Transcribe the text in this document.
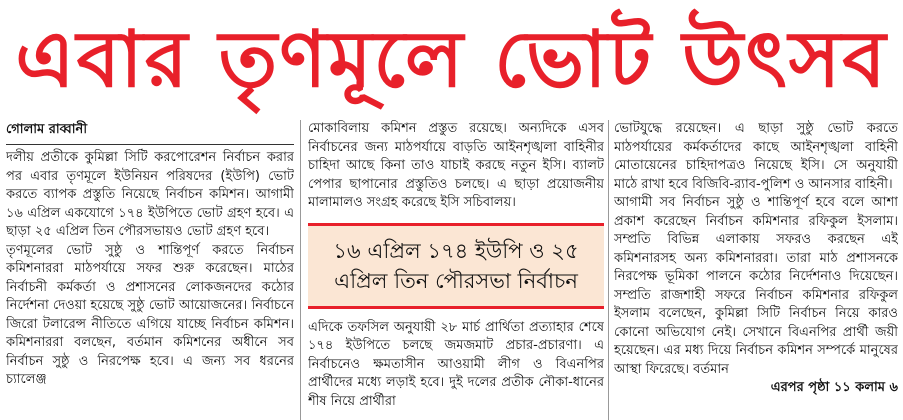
এবার তৃণমূলে ভোট উৎসব
গোলাম রাব্বানী

দলীয় প্রতীকে কুমিল্লা সিটি করপোরেশন নির্বাচন করার পর এবার তৃণমূলে ইউনিয়ন পরিষদের (ইউপি) ভোট করতে ব্যাপক প্রস্তুতি নিয়েছে নির্বাচন কমিশন। আগামী ১৬ এপ্রিল একযোগে ১৭৪ ইউপিতে ভোট গ্রহণ হবে। এ ছাড়া ২৫ এপ্রিল তিন পৌরসভায়ও ভোট গ্রহণ হবে।

তৃণমূলের ভোট সুষ্ঠু ও শান্তিপূর্ণ করতে নির্বাচন কমিশনাররা মাঠপর্যায়ে সফর শুরু করেছেন। মাঠের নির্বাচনী কর্মকর্তা ও প্রশাসনের লোকজনদের কঠোর নির্দেশনা দেওয়া হয়েছে সুষ্ঠু ভোট আয়োজনের। নির্বাচনে জিরো টলারেন্স নীতিতে এগিয়ে যাচ্ছে নির্বাচন কমিশন। কমিশনাররা বলছেন, বর্তমান কমিশনের অধীনে সব নির্বাচন সুষ্ঠু ও নিরপেক্ষ হবে। এ জন্য সব ধরনের চ্যালেঞ্জ

মোকাবিলায় কমিশন প্রস্তুত রয়েছে। অন্যদিকে এসব নির্বাচনের জন্য মাঠপর্যায়ে বাড়তি আইনশৃঙ্খলা বাহিনীর চাহিদা আছে কিনা তাও যাচাই করছে নতুন ইসি। ব্যালট পেপার ছাপানোর প্রস্তুতিও চলছে। এ ছাড়া প্রয়োজনীয় মালামালও সংগ্রহ করেছে ইসি সচিবালয়।

১৬ এপ্রিল ১৭৪ ইউপি ও ২৫ এপ্রিল তিন পৌরসভা নির্বাচন

এদিকে তফসিল অনুযায়ী ২৮ মার্চ প্রার্থিতা প্রত্যাহার শেষে ১৭৪ ইউপিতে চলছে জমজমাট প্রচার-প্রচারণা। এ নির্বাচনেও ক্ষমতাসীন আওয়ামী লীগ ও বিএনপির প্রার্থীদের মধ্যে লড়াই হবে। দুই দলের প্রতীক নৌকা-ধানের শীষ নিয়ে প্রার্থীরা

ভোটযুদ্ধে রয়েছেন। এ ছাড়া সুষ্ঠু ভোট করতে মাঠপর্যায়ের কর্মকর্তাদের কাছে আইনশৃঙ্খলা বাহিনী মোতায়েনের চাহিদাপত্রও নিয়েছে ইসি। সে অনুযায়ী মাঠে রাখা হবে বিজিবি-র‍্যাব-পুলিশ ও আনসার বাহিনী।

আগামী সব নির্বাচন সুষ্ঠু ও শান্তিপূর্ণ হবে বলে আশা প্রকাশ করেছেন নির্বাচন কমিশনার রফিকুল ইসলাম। সম্প্রতি বিভিন্ন এলাকায় সফরও করছেন এই কমিশনারসহ অন্য কমিশনাররা। তারা মাঠ প্রশাসনকে নিরপেক্ষ ভূমিকা পালনে কঠোর নির্দেশনাও দিয়েছেন। সম্প্রতি রাজশাহী সফরে নির্বাচন কমিশনার রফিকুল ইসলাম বলেছেন, কুমিল্লা সিটি নির্বাচন নিয়ে কারও কোনো অভিযোগ নেই। সেখানে বিএনপির প্রার্থী জয়ী হয়েছেন। এর মধ্য দিয়ে নির্বাচন কমিশন সম্পর্কে মানুষের আস্থা ফিরেছে। বর্তমান

এরপর পৃষ্ঠা ১১ কলাম ৬
